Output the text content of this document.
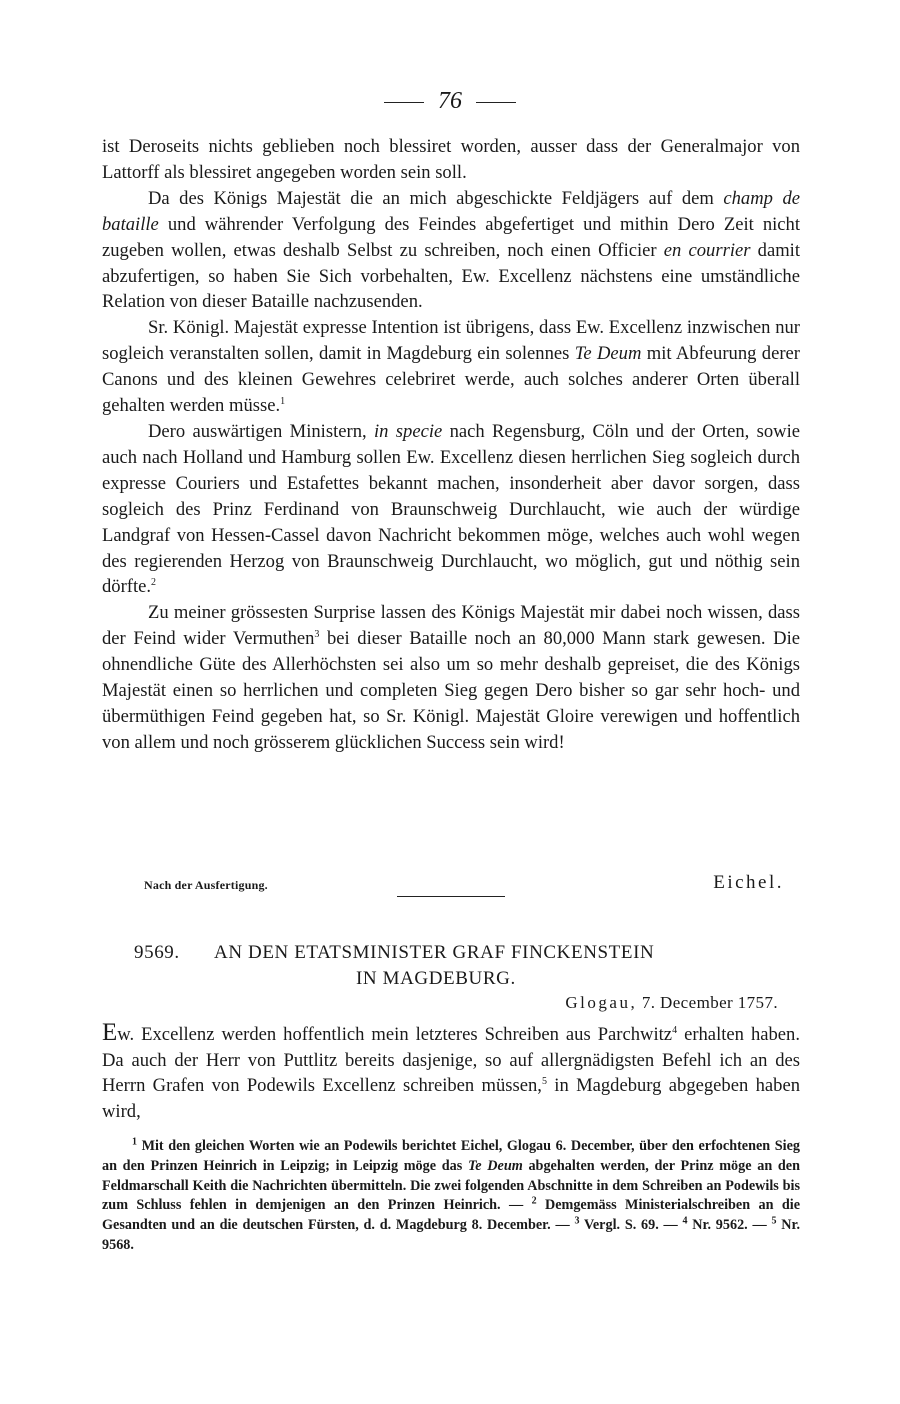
76

ist Deroseits nichts geblieben noch blessiret worden, ausser dass der Generalmajor von Lattorff als blessiret angegeben worden sein soll.

Da des Königs Majestät die an mich abgeschickte Feldjägers auf dem champ de bataille und währender Verfolgung des Feindes abgefertiget und mithin Dero Zeit nicht zugeben wollen, etwas deshalb Selbst zu schreiben, noch einen Officier en courrier damit abzufertigen, so haben Sie Sich vorbehalten, Ew. Excellenz nächstens eine umständliche Relation von dieser Bataille nachzusenden.

Sr. Königl. Majestät expresse Intention ist übrigens, dass Ew. Excellenz inzwischen nur sogleich veranstalten sollen, damit in Magdeburg ein solennes Te Deum mit Abfeurung derer Canons und des kleinen Gewehres celebriret werde, auch solches anderer Orten überall gehalten werden müsse.$^1$

Dero auswärtigen Ministern, in specie nach Regensburg, Cöln und der Orten, sowie auch nach Holland und Hamburg sollen Ew. Excellenz diesen herrlichen Sieg sogleich durch expresse Couriers und Estafettes bekannt machen, insonderheit aber davor sorgen, dass sogleich des Prinz Ferdinand von Braunschweig Durchlaucht, wie auch der würdige Landgraf von Hessen-Cassel davon Nachricht bekommen möge, welches auch wohl wegen des regierenden Herzog von Braunschweig Durchlaucht, wo möglich, gut und nöthig sein dörfte.$^2$

Zu meiner grössesten Surprise lassen des Königs Majestät mir dabei noch wissen, dass der Feind wider Vermuthen$^3$ bei dieser Bataille noch an 80,000 Mann stark gewesen. Die ohnendliche Güte des Allerhöchsten sei also um so mehr deshalb gepreiset, die des Königs Majestät einen so herrlichen und completen Sieg gegen Dero bisher so gar sehr hoch- und übermüthigen Feind gegeben hat, so Sr. Königl. Majestät Gloire verewigen und hoffentlich von allem und noch grösserem glücklichen Success sein wird!

Nach der Ausfertigung.	Eichel.
9569. AN DEN ETATSMINISTER GRAF FINCKENSTEIN
IN MAGDEBURG.
Glogau, 7. December 1757.

Ew. Excellenz werden hoffentlich mein letzteres Schreiben aus Parchwitz$^4$ erhalten haben. Da auch der Herr von Puttlitz bereits dasjenige, so auf allergnädigsten Befehl ich an des Herrn Grafen von Podewils Excellenz schreiben müssen,$^5$ in Magdeburg abgegeben haben wird,

$^1$ Mit den gleichen Worten wie an Podewils berichtet Eichel, Glogau 6. December, über den erfochtenen Sieg an den Prinzen Heinrich in Leipzig; in Leipzig möge das Te Deum abgehalten werden, der Prinz möge an den Feldmarschall Keith die Nachrichten übermitteln. Die zwei folgenden Abschnitte in dem Schreiben an Podewils bis zum Schluss fehlen in demjenigen an den Prinzen Heinrich. — $^2$ Demgemäss Ministerialschreiben an die Gesandten und an die deutschen Fürsten, d. d. Magdeburg 8. December. — $^3$ Vergl. S. 69. — $^4$ Nr. 9562. — $^5$ Nr. 9568.
